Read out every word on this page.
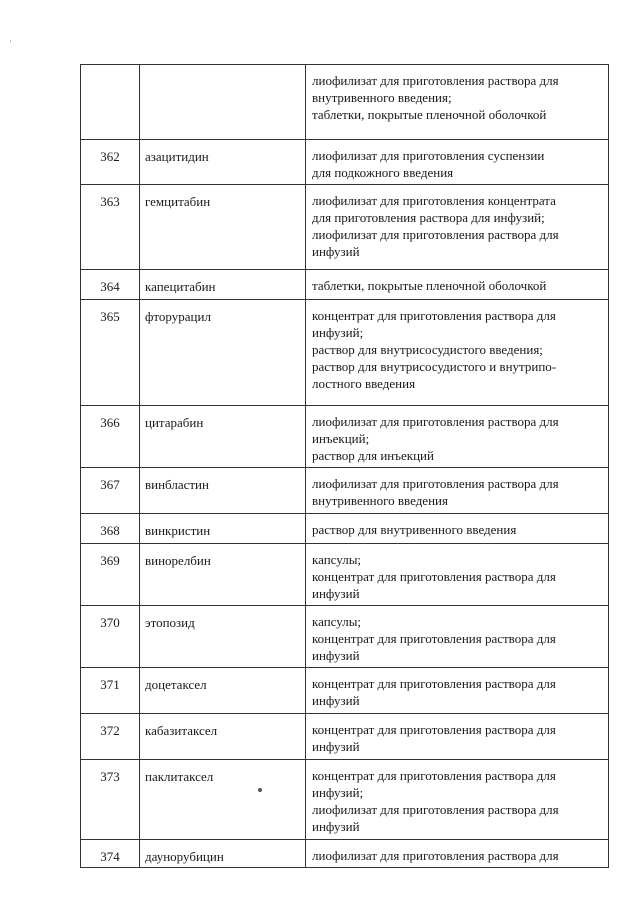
		лиофилизат для приготовления раствора для
внутривенного введения;
таблетки, покрытые пленочной оболочкой

362	азацитидин	лиофилизат для приготовления суспензии
для подкожного введения

363	гемцитабин	лиофилизат для приготовления концентрата
для приготовления раствора для инфузий;
лиофилизат для приготовления раствора для
инфузий

364	капецитабин	таблетки, покрытые пленочной оболочкой

365	фторурацил	концентрат для приготовления раствора для
инфузий;
раствор для внутрисосудистого введения;
раствор для внутрисосудистого и внутрипо-
лостного введения

366	цитарабин	лиофилизат для приготовления раствора для
инъекций;
раствор для инъекций

367	винбластин	лиофилизат для приготовления раствора для
внутривенного введения

368	винкристин	раствор для внутривенного введения

369	винорелбин	капсулы;
концентрат для приготовления раствора для
инфузий

370	этопозид	капсулы;
концентрат для приготовления раствора для
инфузий

371	доцетаксел	концентрат для приготовления раствора для
инфузий

372	кабазитаксел	концентрат для приготовления раствора для
инфузий

373	паклитаксел	концентрат для приготовления раствора для
инфузий;
лиофилизат для приготовления раствора для
инфузий

374	даунорубицин	лиофилизат для приготовления раствора для
